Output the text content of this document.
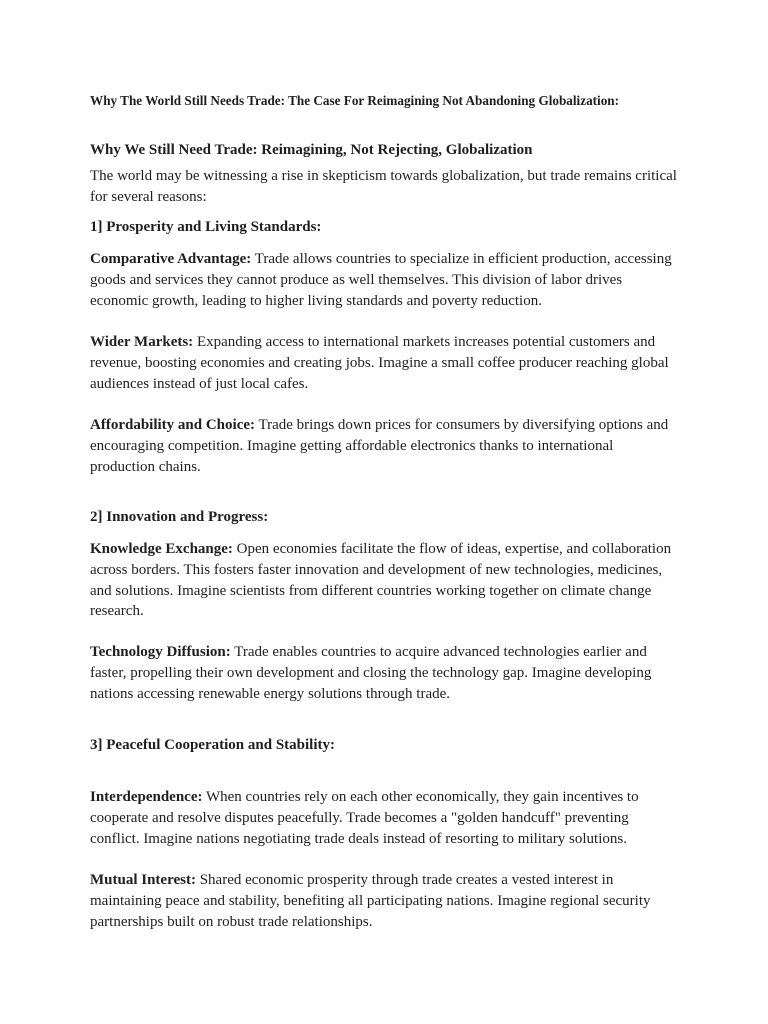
Why The World Still Needs Trade: The Case For Reimagining Not Abandoning Globalization:
Why We Still Need Trade: Reimagining, Not Rejecting, Globalization
The world may be witnessing a rise in skepticism towards globalization, but trade remains critical for several reasons:
1] Prosperity and Living Standards:
Comparative Advantage: Trade allows countries to specialize in efficient production, accessing goods and services they cannot produce as well themselves. This division of labor drives economic growth, leading to higher living standards and poverty reduction.
Wider Markets: Expanding access to international markets increases potential customers and revenue, boosting economies and creating jobs. Imagine a small coffee producer reaching global audiences instead of just local cafes.
Affordability and Choice: Trade brings down prices for consumers by diversifying options and encouraging competition. Imagine getting affordable electronics thanks to international production chains.
2] Innovation and Progress:
Knowledge Exchange: Open economies facilitate the flow of ideas, expertise, and collaboration across borders. This fosters faster innovation and development of new technologies, medicines, and solutions. Imagine scientists from different countries working together on climate change research.
Technology Diffusion: Trade enables countries to acquire advanced technologies earlier and faster, propelling their own development and closing the technology gap. Imagine developing nations accessing renewable energy solutions through trade.
3] Peaceful Cooperation and Stability:
Interdependence: When countries rely on each other economically, they gain incentives to cooperate and resolve disputes peacefully. Trade becomes a "golden handcuff" preventing conflict. Imagine nations negotiating trade deals instead of resorting to military solutions.
Mutual Interest: Shared economic prosperity through trade creates a vested interest in maintaining peace and stability, benefiting all participating nations. Imagine regional security partnerships built on robust trade relationships.
